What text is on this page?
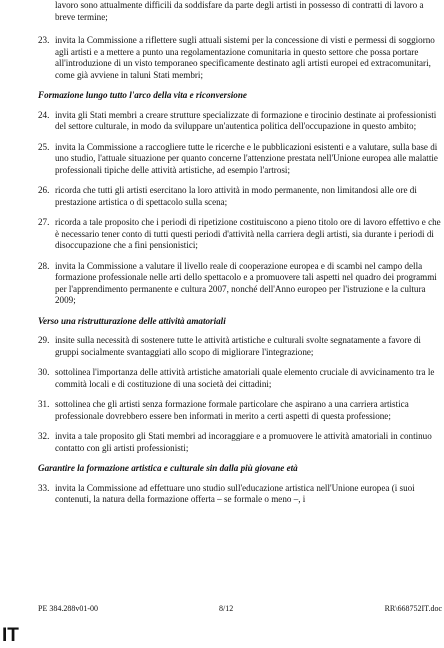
lavoro sono attualmente difficili da soddisfare da parte degli artisti in possesso di contratti di lavoro a breve termine;
23. invita la Commissione a riflettere sugli attuali sistemi per la concessione di visti e permessi di soggiorno agli artisti e a mettere a punto una regolamentazione comunitaria in questo settore che possa portare all'introduzione di un visto temporaneo specificamente destinato agli artisti europei ed extracomunitari, come già avviene in taluni Stati membri;
Formazione lungo tutto l'arco della vita e riconversione
24. invita gli Stati membri a creare strutture specializzate di formazione e tirocinio destinate ai professionisti del settore culturale, in modo da sviluppare un'autentica politica dell'occupazione in questo ambito;
25. invita la Commissione a raccogliere tutte le ricerche e le pubblicazioni esistenti e a valutare, sulla base di uno studio, l'attuale situazione per quanto concerne l'attenzione prestata nell'Unione europea alle malattie professionali tipiche delle attività artistiche, ad esempio l'artrosi;
26. ricorda che tutti gli artisti esercitano la loro attività in modo permanente, non limitandosi alle ore di prestazione artistica o di spettacolo sulla scena;
27. ricorda a tale proposito che i periodi di ripetizione costituiscono a pieno titolo ore di lavoro effettivo e che è necessario tener conto di tutti questi periodi d'attività nella carriera degli artisti, sia durante i periodi di disoccupazione che a fini pensionistici;
28. invita la Commissione a valutare il livello reale di cooperazione europea e di scambi nel campo della formazione professionale nelle arti dello spettacolo e a promuovere tali aspetti nel quadro dei programmi per l'apprendimento permanente e cultura 2007, nonché dell'Anno europeo per l'istruzione e la cultura 2009;
Verso una ristrutturazione delle attività amatoriali
29. insite sulla necessità di sostenere tutte le attività artistiche e culturali svolte segnatamente a favore di gruppi socialmente svantaggiati allo scopo di migliorare l'integrazione;
30. sottolinea l'importanza delle attività artistiche amatoriali quale elemento cruciale di avvicinamento tra le commità locali e di costituzione di una società dei cittadini;
31. sottolinea che gli artisti senza formazione formale particolare che aspirano a una carriera artistica professionale dovrebbero essere ben informati in merito a certi aspetti di questa professione;
32. invita a tale proposito gli Stati membri ad incoraggiare e a promuovere le attività amatoriali in continuo contatto con gli artisti professionisti;
Garantire la formazione artistica e culturale sin dalla più giovane età
33. invita la Commissione ad effettuare uno studio sull'educazione artistica nell'Unione europea (i suoi contenuti, la natura della formazione offerta – se formale o meno –, i
PE 384.288v01-00	8/12	RR\668752IT.doc
IT
